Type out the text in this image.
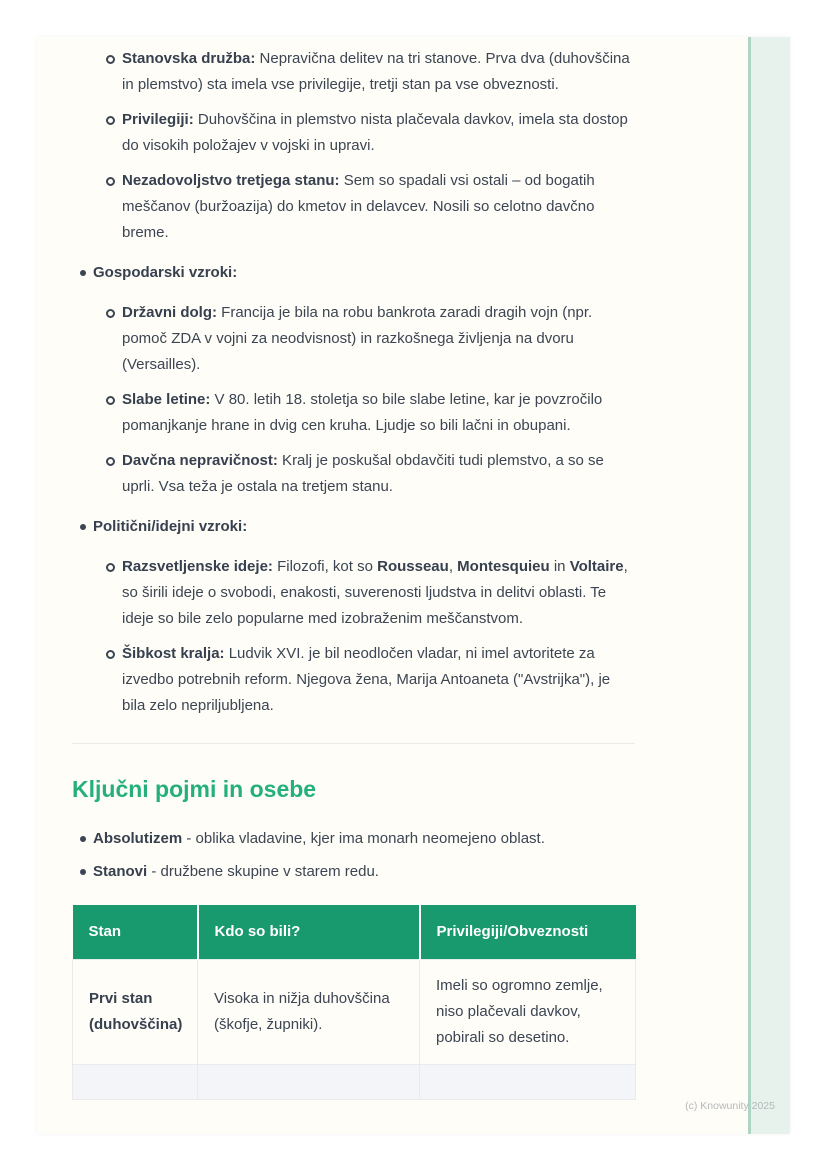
Stanovska družba: Nepravična delitev na tri stanove. Prva dva (duhovščina in plemstvo) sta imela vse privilegije, tretji stan pa vse obveznosti.
Privilegiji: Duhovščina in plemstvo nista plačevala davkov, imela sta dostop do visokih položajev v vojski in upravi.
Nezadovoljstvo tretjega stanu: Sem so spadali vsi ostali – od bogatih meščanov (buržoazija) do kmetov in delavcev. Nosili so celotno davčno breme.
Gospodarski vzroki:
Državni dolg: Francija je bila na robu bankrota zaradi dragih vojn (npr. pomoč ZDA v vojni za neodvisnost) in razkošnega življenja na dvoru (Versailles).
Slabe letine: V 80. letih 18. stoletja so bile slabe letine, kar je povzročilo pomanjkanje hrane in dvig cen kruha. Ljudje so bili lačni in obupani.
Davčna nepravičnost: Kralj je poskušal obdavčiti tudi plemstvo, a so se uprli. Vsa teža je ostala na tretjem stanu.
Politični/idejni vzroki:
Razsvetljenske ideje: Filozofi, kot so Rousseau, Montesquieu in Voltaire, so širili ideje o svobodi, enakosti, suverenosti ljudstva in delitvi oblasti. Te ideje so bile zelo popularne med izobraženim meščanstvom.
Šibkost kralja: Ludvik XVI. je bil neodločen vladar, ni imel avtoritete za izvedbo potrebnih reform. Njegova žena, Marija Antoaneta ("Avstrijka"), je bila zelo nepriljubljena.
Ključni pojmi in osebe
Absolutizem - oblika vladavine, kjer ima monarh neomejeno oblast.
Stanovi - družbene skupine v starem redu.
Stan	Kdo so bili?	Privilegiji/Obveznosti
Prvi stan (duhovščina)	Visoka in nižja duhovščina (škofje, župniki).	Imeli so ogromno zemlje, niso plačevali davkov, pobirali so desetino.

(c) Knowunity 2025
